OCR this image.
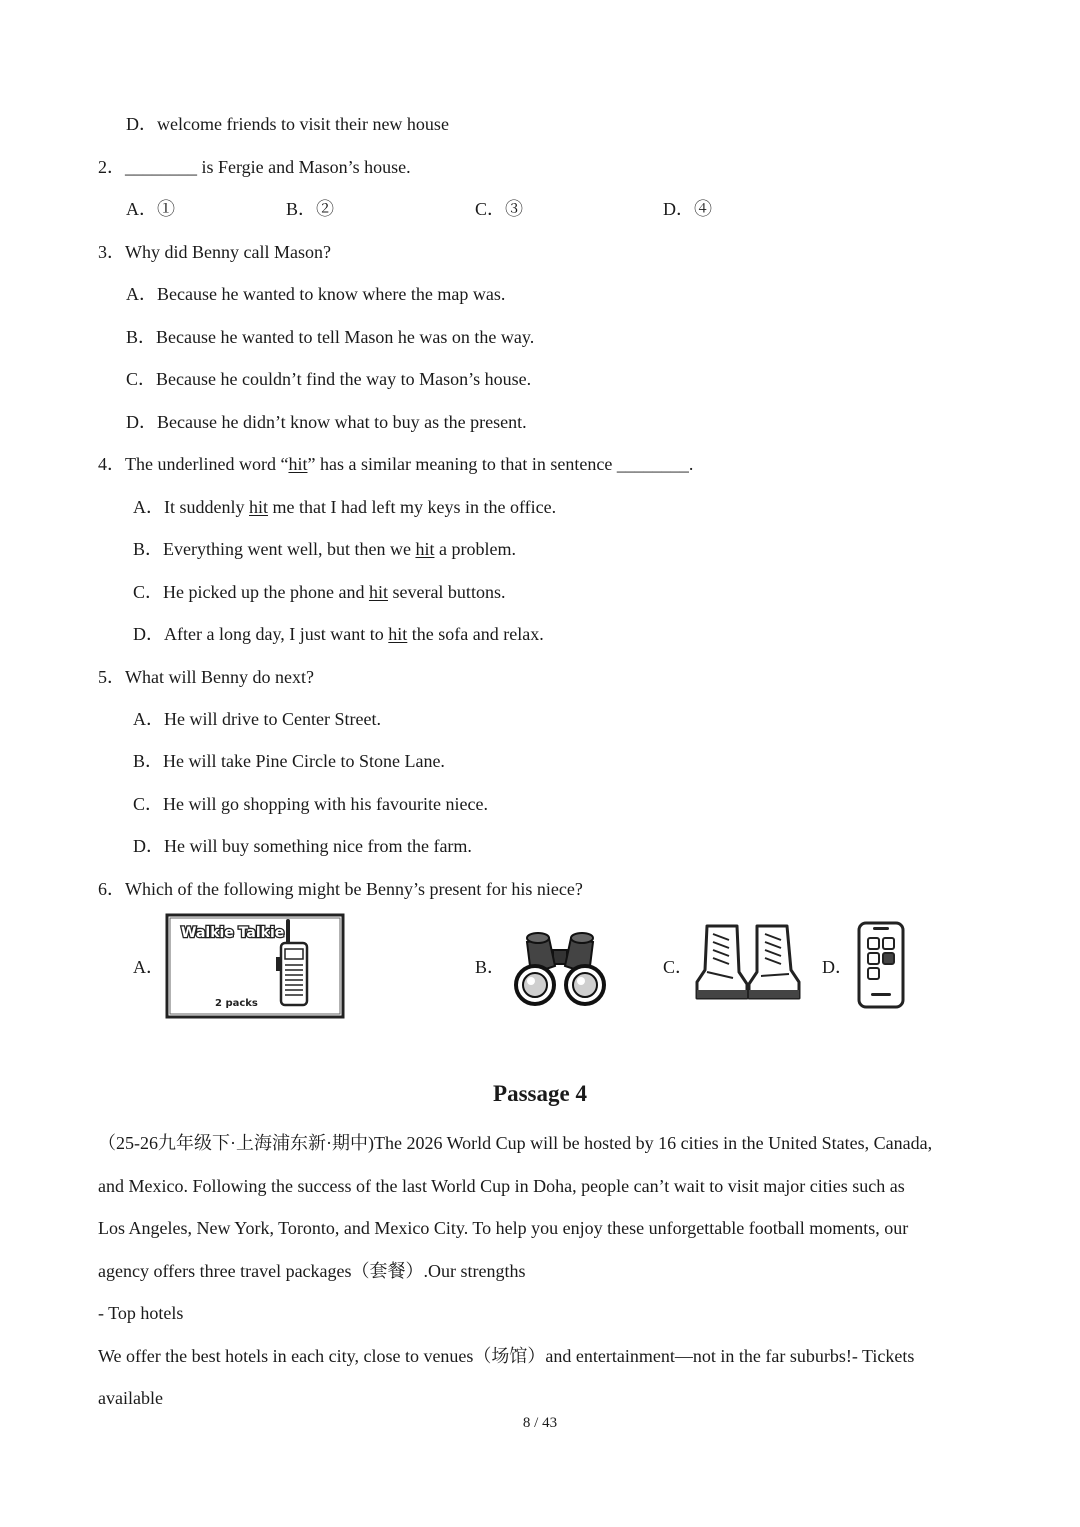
D．welcome friends to visit their new house
2．________ is Fergie and Mason’s house.
A．①	B．②	C．③	D．④
3．Why did Benny call Mason?
A．Because he wanted to know where the map was.
B．Because he wanted to tell Mason he was on the way.
C．Because he couldn’t find the way to Mason’s house.
D．Because he didn’t know what to buy as the present.
4．The underlined word “hit” has a similar meaning to that in sentence ________.
A．It suddenly hit me that I had left my keys in the office.
B．Everything went well, but then we hit a problem.
C．He picked up the phone and hit several buttons.
D．After a long day, I just want to hit the sofa and relax.
5．What will Benny do next?
A．He will drive to Center Street.
B．He will take Pine Circle to Stone Lane.
C．He will go shopping with his favourite niece.
D．He will buy something nice from the farm.
6．Which of the following might be Benny’s present for his niece?
A．	B．	C．	D．
Walkie Talkie
2 packs
Passage 4
（25-26九年级下·上海浦东新·期中)The 2026 World Cup will be hosted by 16 cities in the United States, Canada,
and Mexico. Following the success of the last World Cup in Doha, people can’t wait to visit major cities such as
Los Angeles, New York, Toronto, and Mexico City. To help you enjoy these unforgettable football moments, our
agency offers three travel packages（套餐）.Our strengths
- Top hotels
We offer the best hotels in each city, close to venues（场馆）and entertainment—not in the far suburbs!- Tickets
available
8 / 43
